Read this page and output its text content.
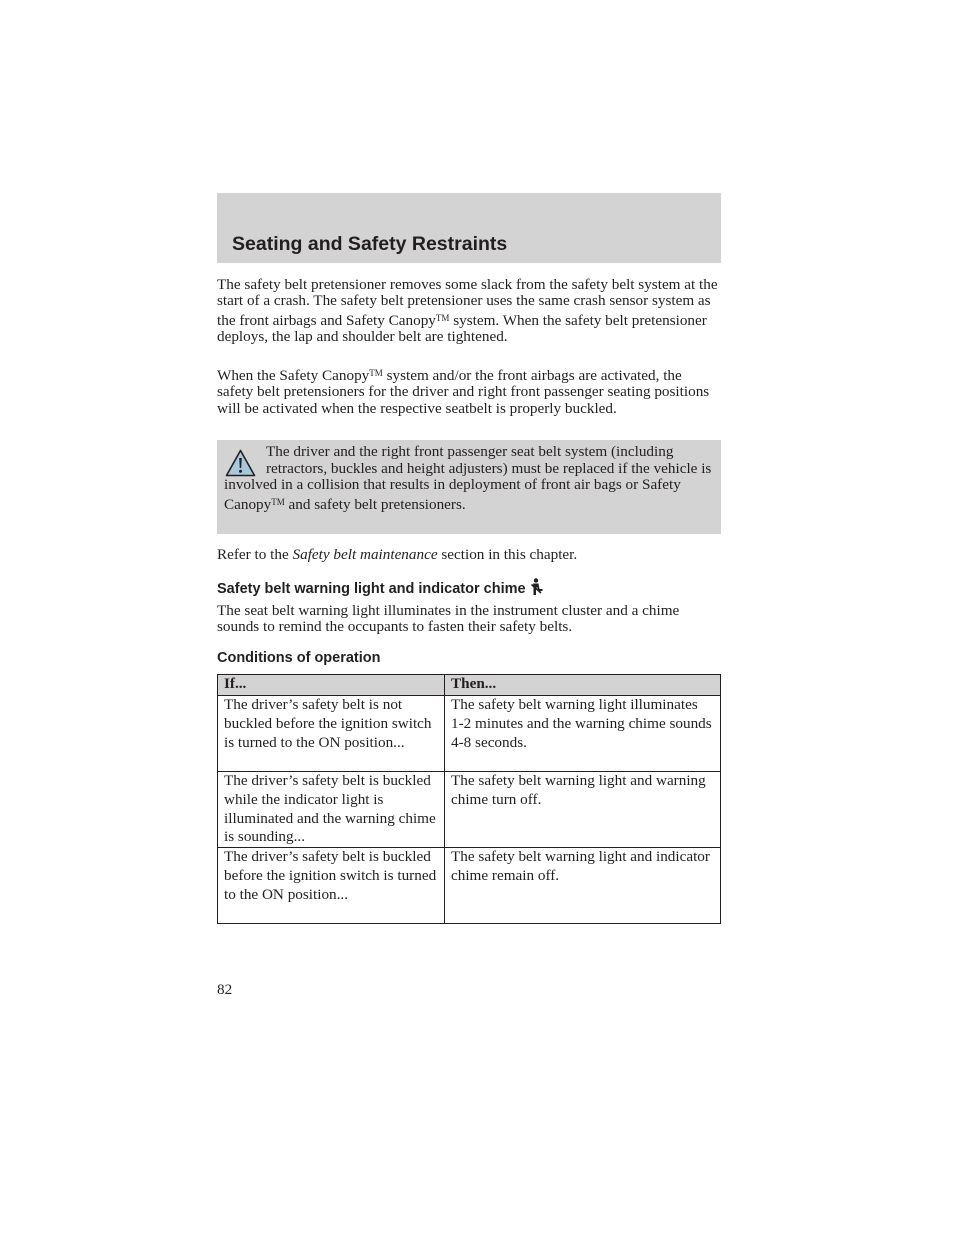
Seating and Safety Restraints

The safety belt pretensioner removes some slack from the safety belt system at the start of a crash. The safety belt pretensioner uses the same crash sensor system as the front airbags and Safety Canopy™ system. When the safety belt pretensioner deploys, the lap and shoulder belt are tightened.

When the Safety Canopy™ system and/or the front airbags are activated, the safety belt pretensioners for the driver and right front passenger seating positions will be activated when the respective seatbelt is properly buckled.

The driver and the right front passenger seat belt system (including retractors, buckles and height adjusters) must be replaced if the vehicle is involved in a collision that results in deployment of front air bags or Safety Canopy™ and safety belt pretensioners.

Refer to the Safety belt maintenance section in this chapter.

Safety belt warning light and indicator chime

The seat belt warning light illuminates in the instrument cluster and a chime sounds to remind the occupants to fasten their safety belts.

Conditions of operation
If...	Then...
The driver’s safety belt is not buckled before the ignition switch is turned to the ON position...	The safety belt warning light illuminates 1-2 minutes and the warning chime sounds 4-8 seconds.
The driver’s safety belt is buckled while the indicator light is illuminated and the warning chime is sounding...	The safety belt warning light and warning chime turn off.
The driver’s safety belt is buckled before the ignition switch is turned to the ON position...	The safety belt warning light and indicator chime remain off.

82
